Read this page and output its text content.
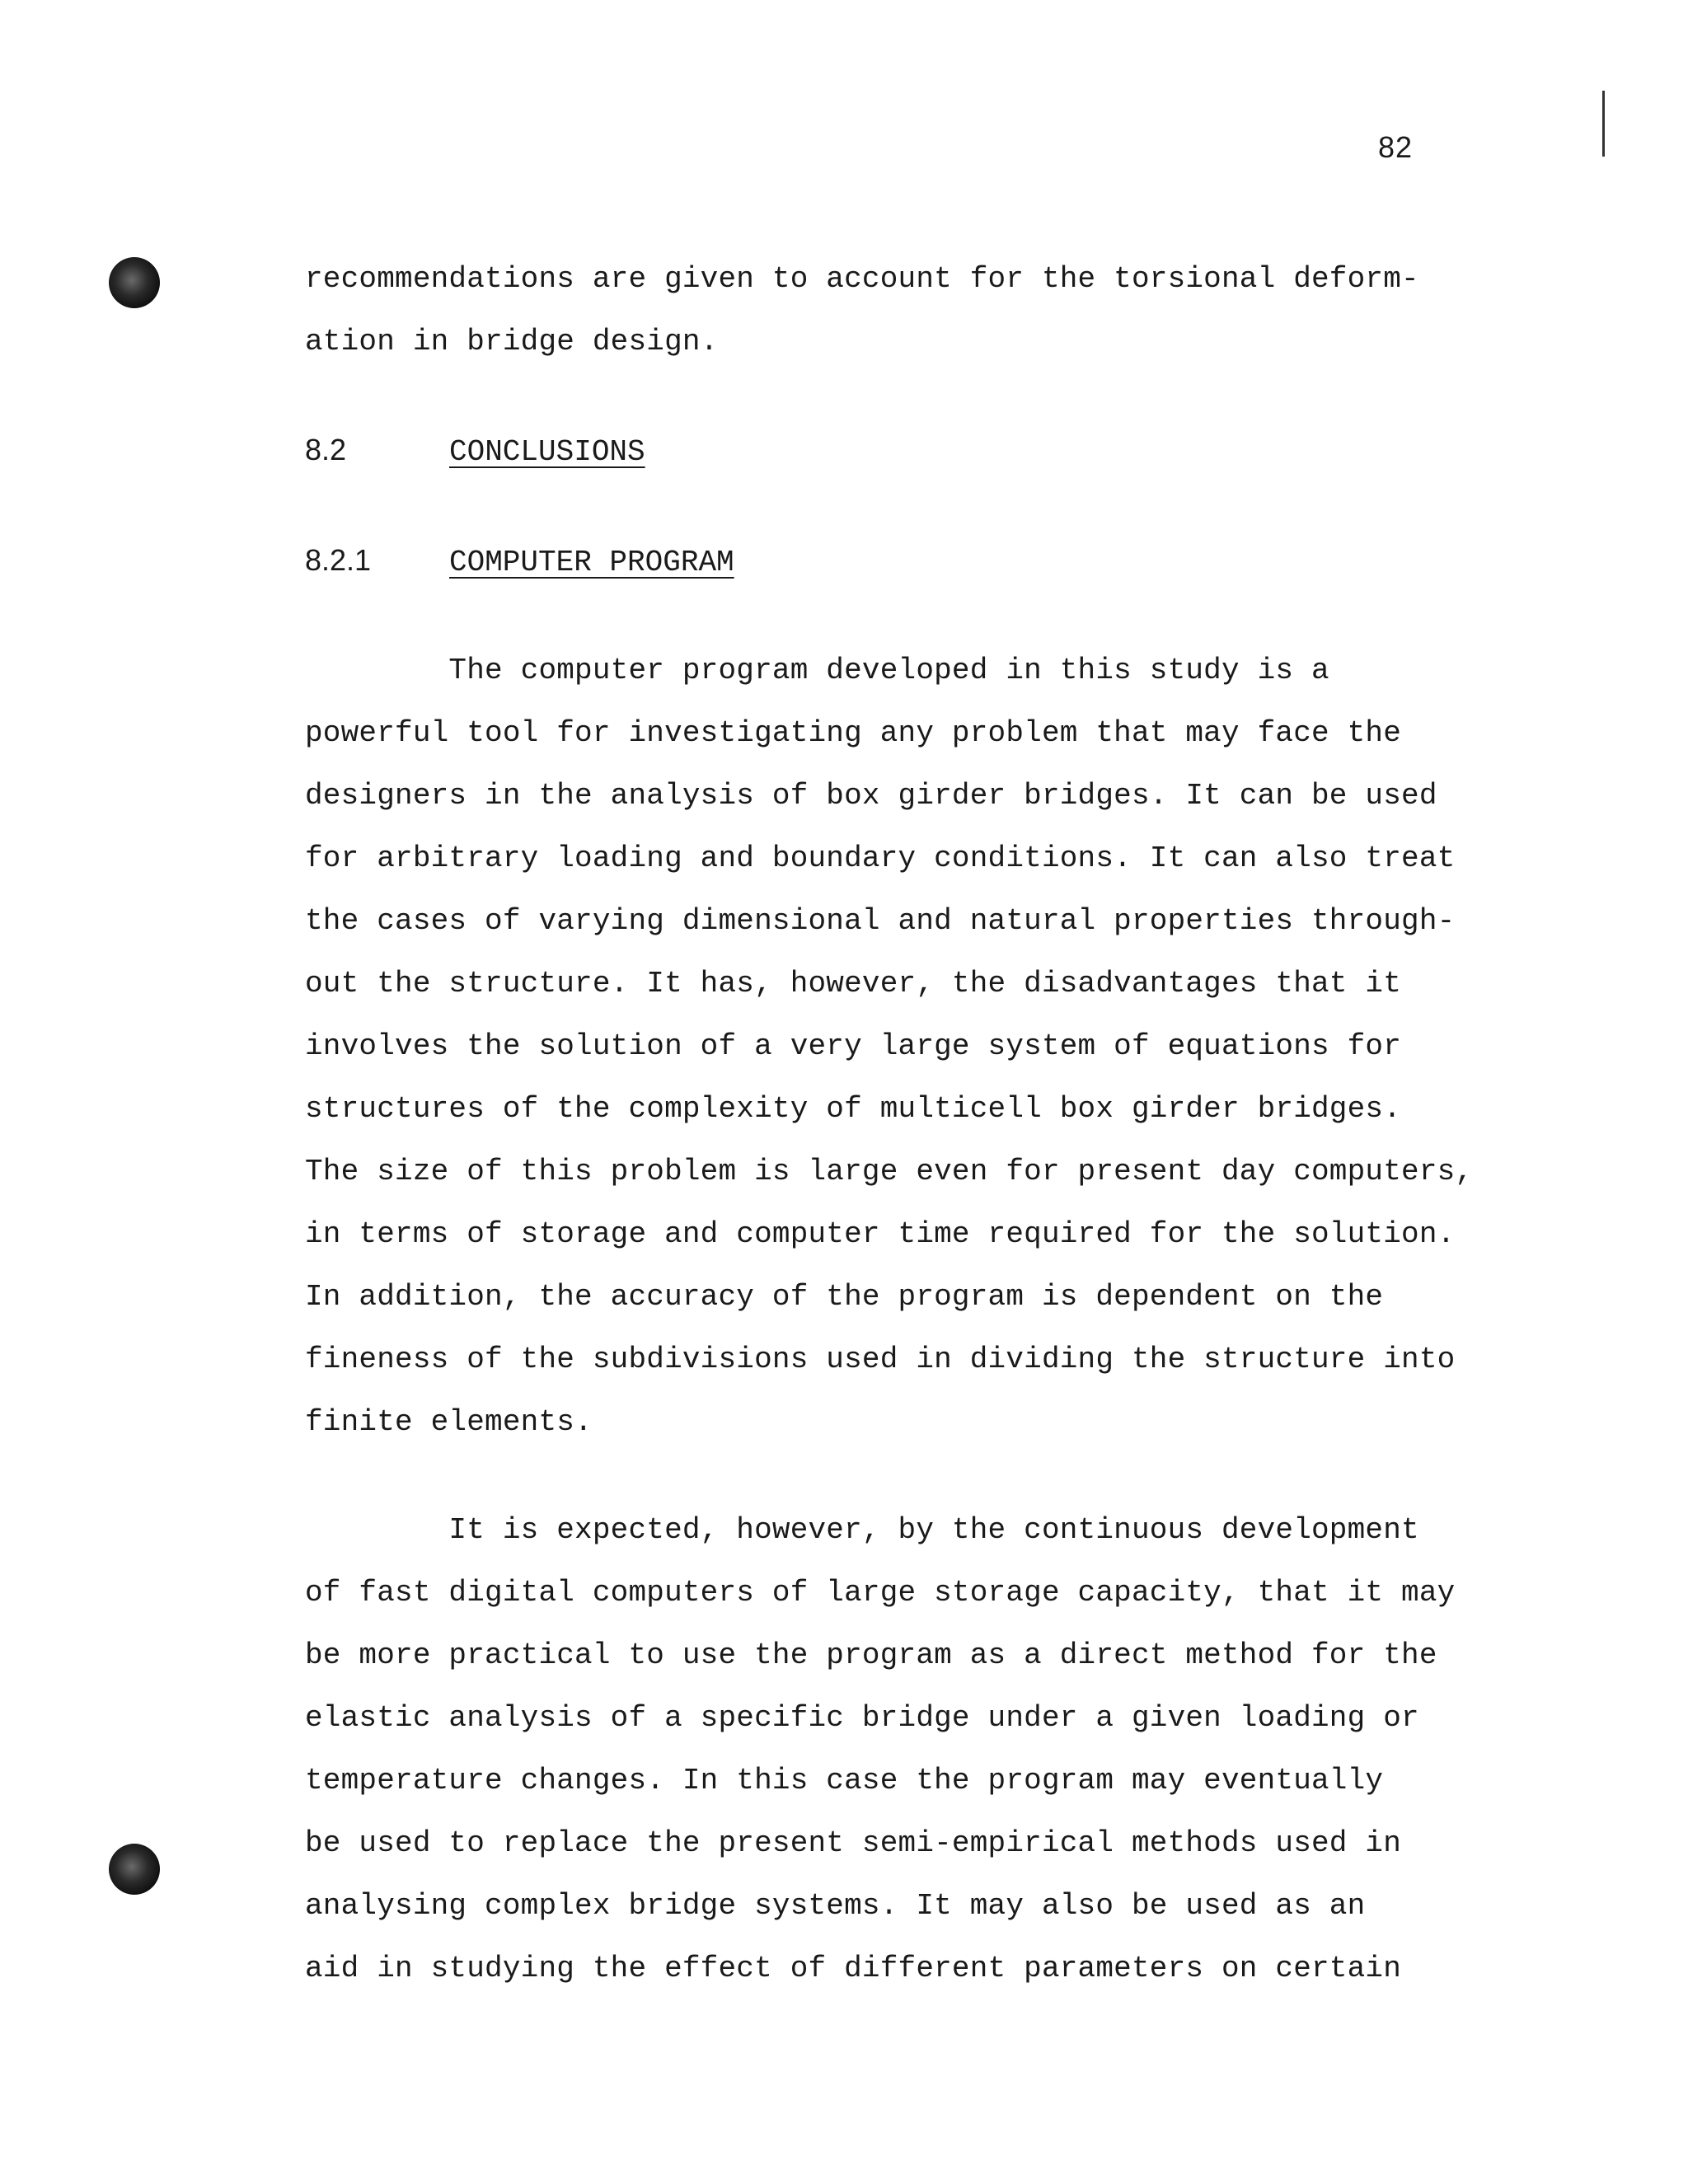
82
recommendations are given to account for the torsional deform-
ation in bridge design.
8.2	CONCLUSIONS
8.2.1	COMPUTER PROGRAM
The computer program developed in this study is a
powerful tool for investigating any problem that may face the
designers in the analysis of box girder bridges. It can be used
for arbitrary loading and boundary conditions. It can also treat
the cases of varying dimensional and natural properties through-
out the structure. It has, however, the disadvantages that it
involves the solution of a very large system of equations for
structures of the complexity of multicell box girder bridges.
The size of this problem is large even for present day computers,
in terms of storage and computer time required for the solution.
In addition, the accuracy of the program is dependent on the
fineness of the subdivisions used in dividing the structure into
finite elements.
It is expected, however, by the continuous development
of fast digital computers of large storage capacity, that it may
be more practical to use the program as a direct method for the
elastic analysis of a specific bridge under a given loading or
temperature changes. In this case the program may eventually
be used to replace the present semi-empirical methods used in
analysing complex bridge systems. It may also be used as an
aid in studying the effect of different parameters on certain
